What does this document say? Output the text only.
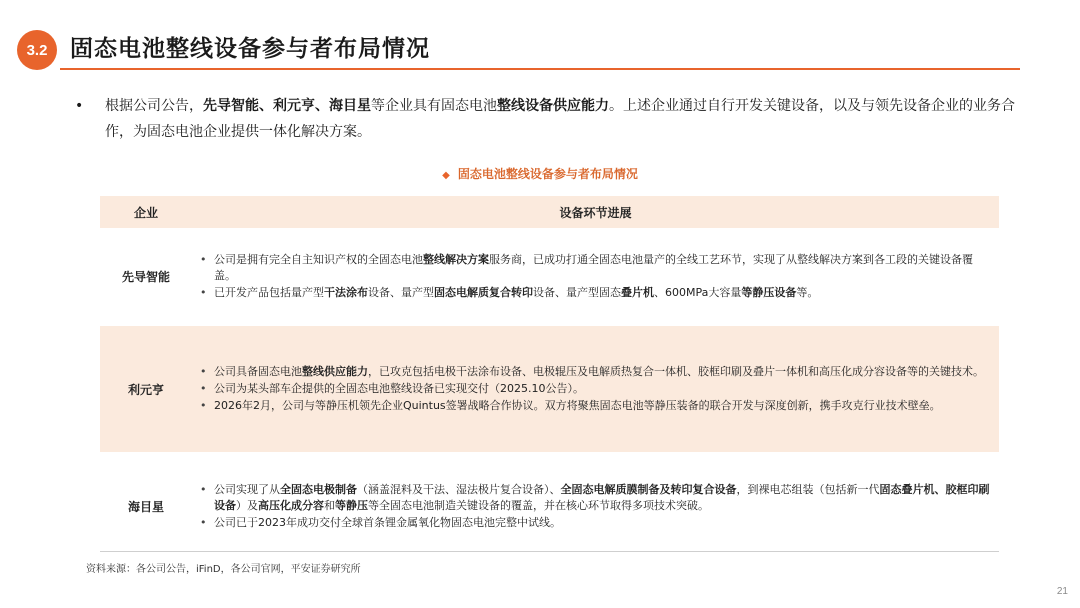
3.2 固态电池整线设备参与者布局情况
• 根据公司公告，先导智能、利元亨、海目星等企业具有固态电池整线设备供应能力。上述企业通过自行开发关键设备，以及与领先设备企业的业务合作，为固态电池企业提供一体化解决方案。
◆ 固态电池整线设备参与者布局情况
企业	设备环节进展
先导智能
• 公司是拥有完全自主知识产权的全固态电池整线解决方案服务商，已成功打通全固态电池量产的全线工艺环节，实现了从整线解决方案到各工段的关键设备覆盖。
• 已开发产品包括量产型干法涂布设备、量产型固态电解质复合转印设备、量产型固态叠片机、600MPa大容量等静压设备等。
利元亨
• 公司具备固态电池整线供应能力，已攻克包括电极干法涂布设备、电极辊压及电解质热复合一体机、胶框印刷及叠片一体机和高压化成分容设备等的关键技术。
• 公司为某头部车企提供的全固态电池整线设备已实现交付（2025.10公告）。
• 2026年2月，公司与等静压机领先企业Quintus签署战略合作协议。双方将聚焦固态电池等静压装备的联合开发与深度创新，携手攻克行业技术壁垒。
海目星
• 公司实现了从全固态电极制备（涵盖混料及干法、湿法极片复合设备）、全固态电解质膜制备及转印复合设备，到裸电芯组装（包括新一代固态叠片机、胶框印刷设备）及高压化成分容和等静压等全固态电池制造关键设备的覆盖，并在核心环节取得多项技术突破。
• 公司已于2023年成功交付全球首条锂金属氧化物固态电池完整中试线。
资料来源：各公司公告，iFinD，各公司官网，平安证券研究所
21
